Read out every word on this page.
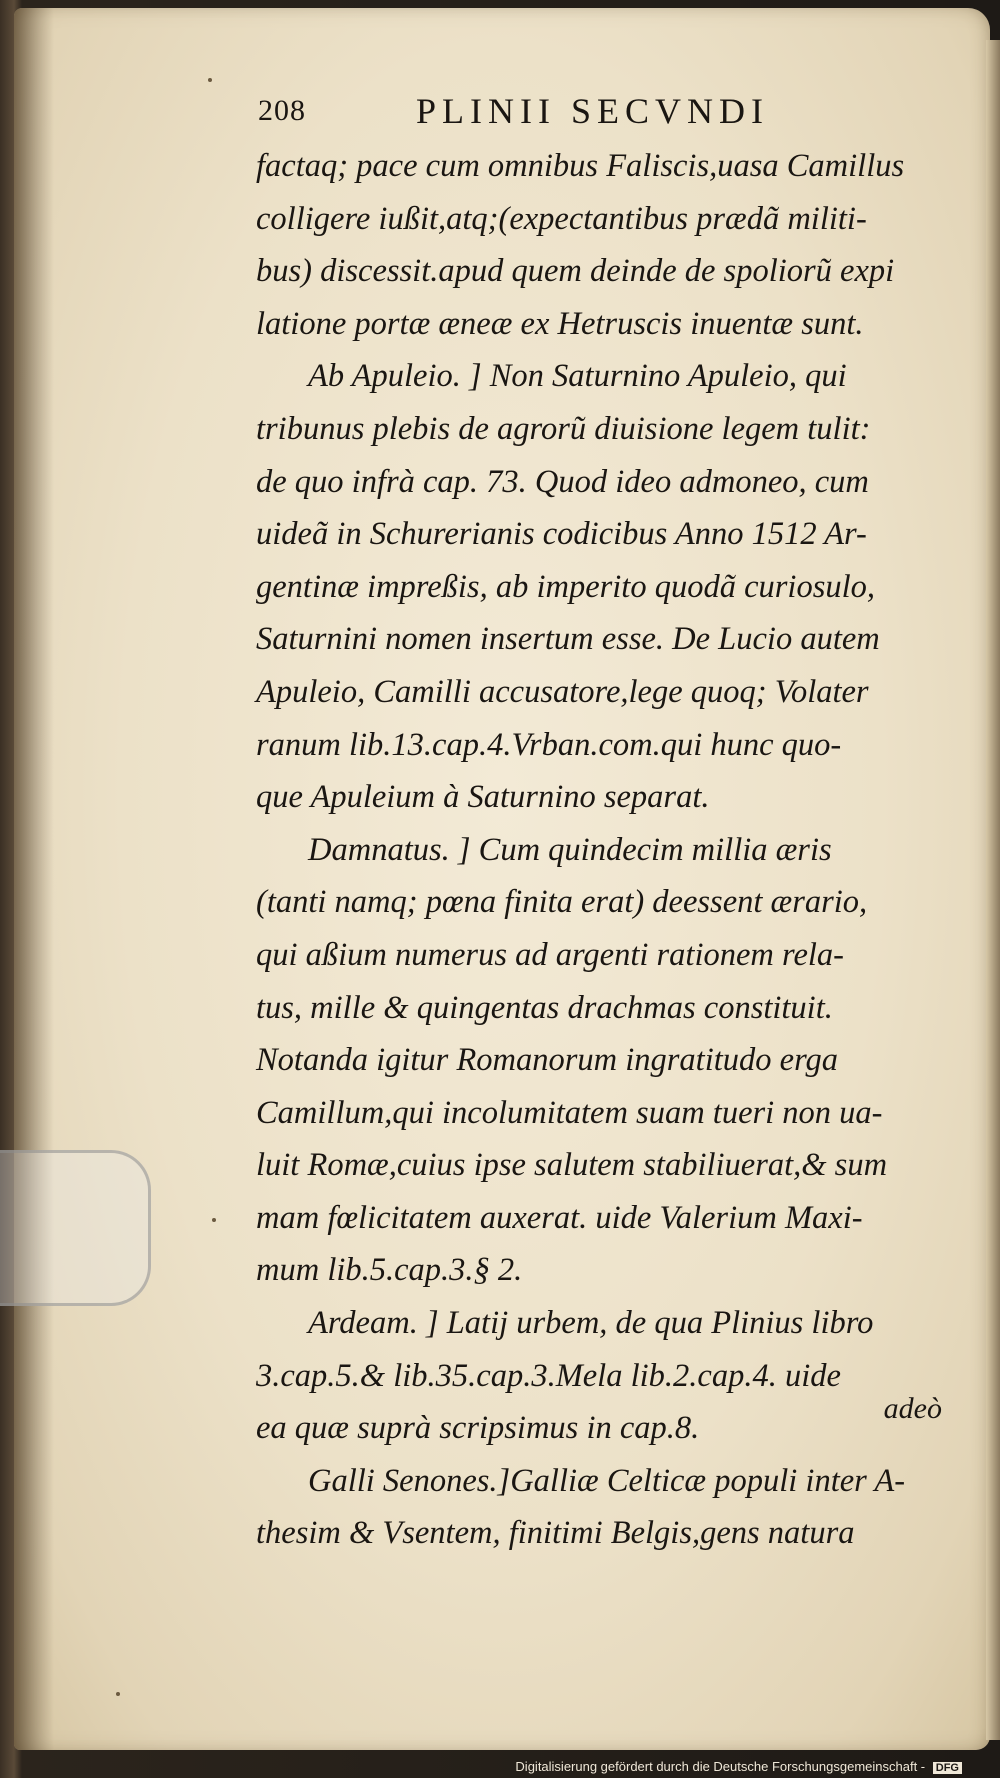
208	PLINII SECVNDI
factaq; pace cum omnibus Faliscis,uasa Camillus
colligere iußit,atq;(expectantibus prædã militi-
bus) discessit.apud quem deinde de spoliorũ expi
latione portæ æneæ ex Hetruscis inuentæ sunt.
Ab Apuleio. ] Non Saturnino Apuleio, qui
tribunus plebis de agrorũ diuisione legem tulit:
de quo infrà cap. 73. Quod ideo admoneo, cum
uideã in Schurerianis codicibus Anno 1512 Ar-
gentinæ impreßis, ab imperito quodã curiosulo,
Saturnini nomen insertum esse. De Lucio autem
Apuleio, Camilli accusatore,lege quoq; Volater
ranum lib.13.cap.4.Vrban.com.qui hunc quo-
que Apuleium à Saturnino separat.
Damnatus. ] Cum quindecim millia æris
(tanti namq; pœna finita erat) deessent ærario,
qui aßium numerus ad argenti rationem rela-
tus, mille & quingentas drachmas constituit.
Notanda igitur Romanorum ingratitudo erga
Camillum,qui incolumitatem suam tueri non ua-
luit Romæ,cuius ipse salutem stabiliuerat,& sum
mam fœlicitatem auxerat. uide Valerium Maxi-
mum lib.5.cap.3.§ 2.
Ardeam. ] Latij urbem, de qua Plinius libro
3.cap.5.& lib.35.cap.3.Mela lib.2.cap.4. uide
ea quæ suprà scripsimus in cap.8.
Galli Senones.]Galliæ Celticæ populi inter A-
thesim & Vsentem, finitimi Belgis,gens natura
adeò
Digitalisierung gefördert durch die Deutsche Forschungsgemeinschaft - DFG
